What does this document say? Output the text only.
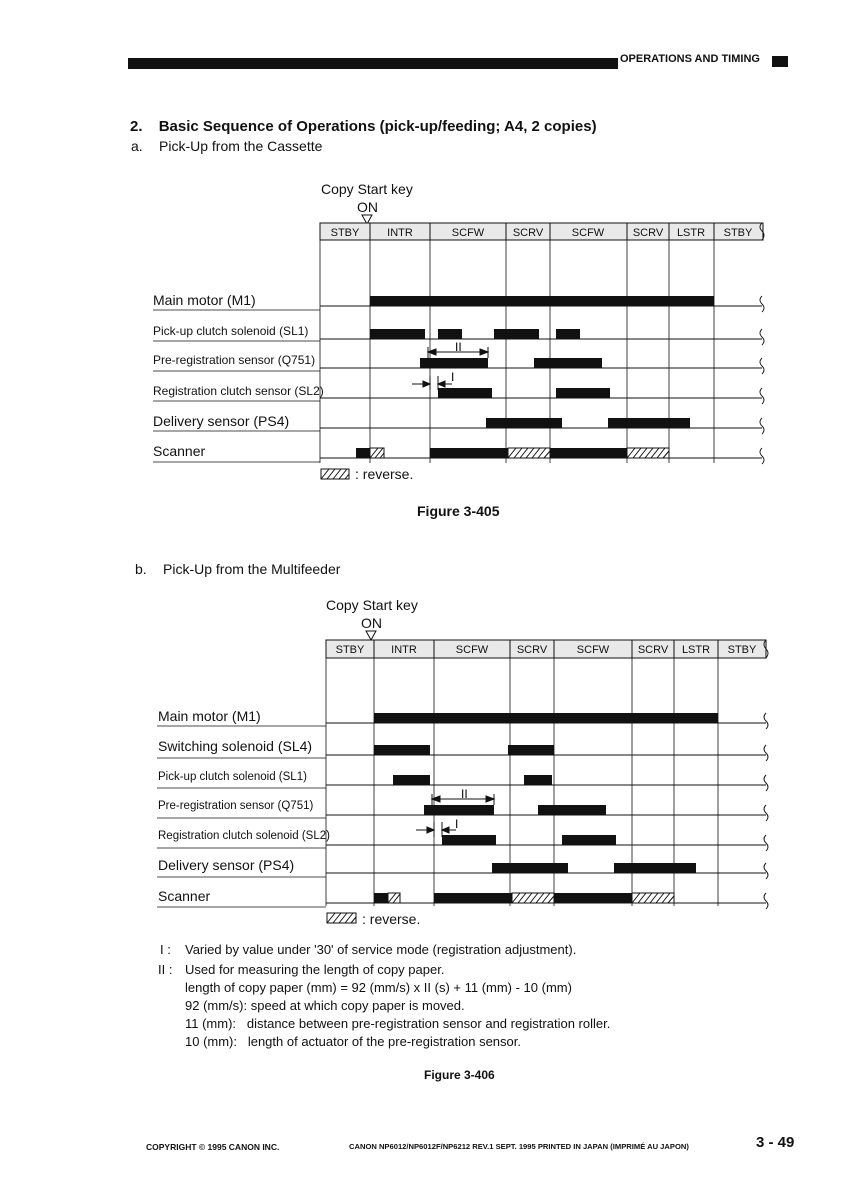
OPERATIONS AND TIMING
2. Basic Sequence of Operations (pick-up/feeding; A4, 2 copies)
a. Pick-Up from the Cassette
Copy Start key
ON
STBY	INTR	SCFW	SCRV	SCFW	SCRV LSTR STBY
II
I
Main motor (M1)
Pick-up clutch solenoid (SL1)
Pre-registration sensor (Q751)
Registration clutch sensor (SL2)
Delivery sensor (PS4)
Scanner
: reverse.
Figure 3-405
b. Pick-Up from the Multifeeder
Copy Start key
ON
STBY INTR	SCFW	SCRV	SCFW	SCRV LSTR STBY
II
I
Main motor (M1)
Switching solenoid (SL4)
Pick-up clutch solenoid (SL1)
Pre-registration sensor (Q751)
Registration clutch solenoid (SL2)
Delivery sensor (PS4)
Scanner
: reverse.
I : Varied by value under '30' of service mode (registration adjustment).
II : Used for measuring the length of copy paper.
length of copy paper (mm) = 92 (mm/s) x II (s) + 11 (mm) - 10 (mm)
92 (mm/s): speed at which copy paper is moved.
11 (mm):   distance between pre-registration sensor and registration roller.
10 (mm):   length of actuator of the pre-registration sensor.
Figure 3-406
COPYRIGHT © 1995 CANON INC.	CANON NP6012/NP6012F/NP6212 REV.1 SEPT. 1995 PRINTED IN JAPAN (IMPRIMÉ AU JAPON)	3 - 49
